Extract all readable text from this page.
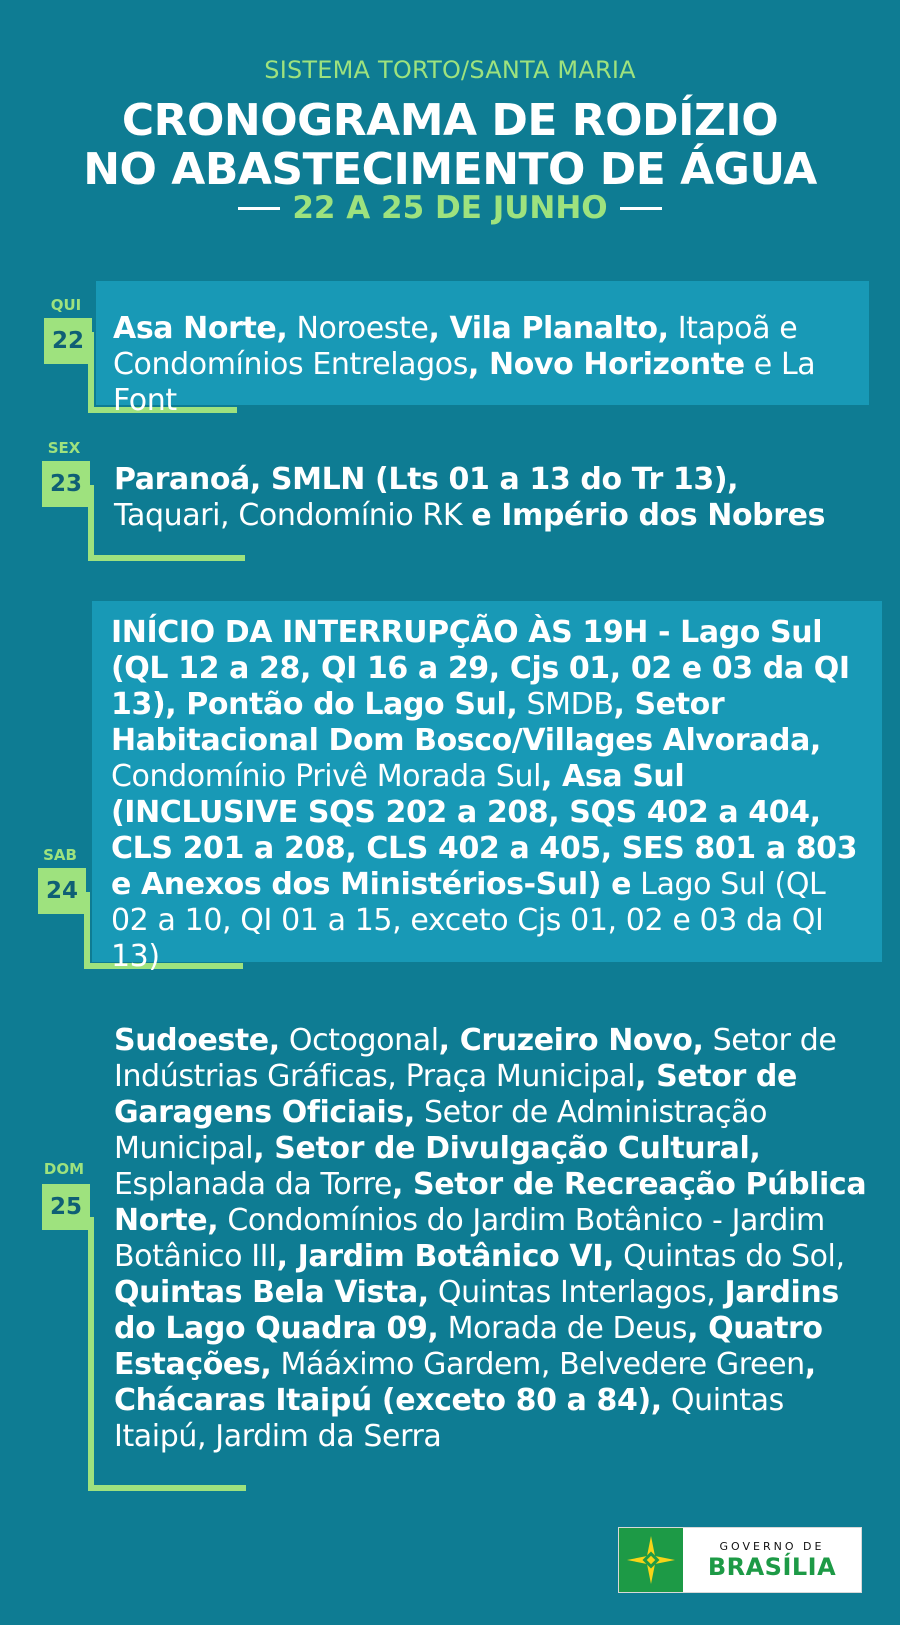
SISTEMA TORTO/SANTA MARIA
CRONOGRAMA DE RODÍZIO
NO ABASTECIMENTO DE ÁGUA
22 A 25 DE JUNHO
QUI
22 Asa Norte, Noroeste, Vila Planalto, Itapoã e Condomínios Entrelagos, Novo Horizonte e La Font

SEX
23 Paranoá, SMLN (Lts 01 a 13 do Tr 13), Taquari, Condomínio RK e Império dos Nobres

SAB
24

INÍCIO DA INTERRUPÇÃO ÀS 19H - Lago Sul (QL 12 a 28, QI 16 a 29, Cjs 01, 02 e 03 da QI 13), Pontão do Lago Sul, SMDB, Setor Habitacional Dom Bosco/Villages Alvorada, Condomínio Privê Morada Sul, Asa Sul (INCLUSIVE SQS 202 a 208, SQS 402 a 404, CLS 201 a 208, CLS 402 a 405, SES 801 a 803 e Anexos dos Ministérios-Sul) e Lago Sul (QL 02 a 10, QI 01 a 15, exceto Cjs 01, 02 e 03 da QI 13)

DOM
25

Sudoeste, Octogonal, Cruzeiro Novo, Setor de Indústrias Gráficas, Praça Municipal, Setor de Garagens Oficiais, Setor de Administração Municipal, Setor de Divulgação Cultural, Esplanada da Torre, Setor de Recreação Pública Norte, Condomínios do Jardim Botânico - Jardim Botânico III, Jardim Botânico VI, Quintas do Sol, Quintas Bela Vista, Quintas Interlagos, Jardins do Lago Quadra 09, Morada de Deus, Quatro Estações, Mááximo Gardem, Belvedere Green, Chácaras Itaipú (exceto 80 a 84), Quintas Itaipú, Jardim da Serra

GOVERNO DE
BRASÍLIA
